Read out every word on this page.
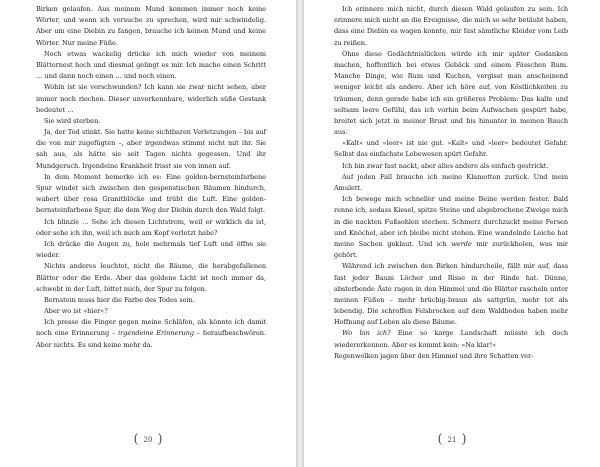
Birken gelaufen. Aus meinem Mund kommen immer noch keine Wörter, und wenn ich versuche zu sprechen, wird mir schwindelig. Aber um eine Diebin zu fangen, brauche ich keinen Mund und keine Wörter. Nur meine Füße.

Noch etwas wackelig drücke ich mich wieder von meinem Blätternest hoch und diesmal gelingt es mir. Ich mache einen Schritt … und dann noch einen … und noch einen.

Wohin ist sie verschwunden? Ich kann sie zwar nicht sehen, aber immer noch riechen. Dieser unverkennbare, widerlich süße Gestank bedeutet …

Sie wird sterben.

Ja, der Tod stinkt. Sie hatte keine sichtbaren Verletzungen – bis auf die von mir zugefügten –, aber irgendwas stimmt nicht mit ihr. Sie sah aus, als hätte sie seit Tagen nichts gegessen. Und ihr Mundgeruch. Irgendeine Krankheit frisst sie von innen auf.

In dem Moment bemerke ich es: Eine golden-bernsteinfarbene Spur windet sich zwischen den gespenstischen Bäumen hindurch, wabert über rosa Granitblöcke und trübt die Luft. Eine golden-bernsteinfarbene Spur, die dem Weg der Diebin durch den Wald folgt.

Ich blinzle … Sehe ich diesen Lichtstrom, weil er wirklich da ist, oder sehe ich ihn, weil ich mich am Kopf verletzt habe?

Ich drücke die Augen zu, hole mehrmals tief Luft und öffne sie wieder.

Nichts anderes leuchtet, nicht die Bäume, die herabgefallenen Blätter oder die Erde. Aber das goldene Licht ist noch immer da, schwebt in der Luft, bittet mich, der Spur zu folgen.

Bernstein muss hier die Farbe des Todes sein.

Aber wo ist »hier«?

Ich presse die Finger gegen meine Schläfen, als könnte ich damit noch eine Erinnerung – irgendeine Erinnerung – heraufbeschwören. Aber nichts. Es sind keine mehr da.

( 20 )

Ich erinnere mich nicht, durch diesen Wald gelaufen zu sein. Ich erinnere mich nicht an die Ereignisse, die mich so sehr betäubt haben, dass eine Diebin es wagen konnte, mir fast sämtliche Kleider vom Leib zu reißen.

Ohne diese Gedächtnislücken würde ich mir später Gedanken machen, hoffentlich bei etwas Gebäck und einem Fässchen Rum. Manche Dinge, wie Rum und Kuchen, vergisst man anscheinend weniger leicht als andere. Aber ich höre auf, von Köstlichkeiten zu träumen, denn gerade habe ich ein größeres Problem: Das kalte und seltsam leere Gefühl, das ich vorhin beim Aufwachen gespürt habe, breitet sich jetzt in meiner Brust und bis hinunter in meinen Bauch aus.

»Kalt« und »leer« ist nie gut. »Kalt« und »leer« bedeutet Gefahr. Selbst das einfachste Lebewesen spürt Gefahr.

Ich bin zwar fast nackt, aber alles andere als einfach gestrickt.

Auf jeden Fall brauche ich meine Klamotten zurück. Und mein Amulett.

Ich bewege mich schneller und meine Beine werden fester. Bald renne ich, sodass Kiesel, spitze Steine und abgebrochene Zweige mich in die nackten Fußsohlen stechen. Schmerz durchzuckt meine Fersen und Knöchel, aber ich bleibe nicht stehen. Eine wandelnde Leiche hat meine Sachen geklaut. Und ich werde mir zurückholen, was mir gehört.

Während ich zwischen den Birken hindurcheile, fällt mir auf, dass fast jeder Baum Löcher und Risse in der Rinde hat. Dünne, absterbende Äste ragen in den Himmel und die Blätter rascheln unter meinen Füßen – mehr brüchig-braun als sattgrün, mehr tot als lebendig. Die schroffen Felsbrocken auf dem Waldboden haben mehr Hoffnung auf Leben als diese Bäume.

Wo bin ich? Eine so karge Landschaft müsste ich doch wiedererkennen. Aber es kommt kein: »Na klar!«

Regenwolken jagen über den Himmel und ihre Schatten ver-

( 21 )
